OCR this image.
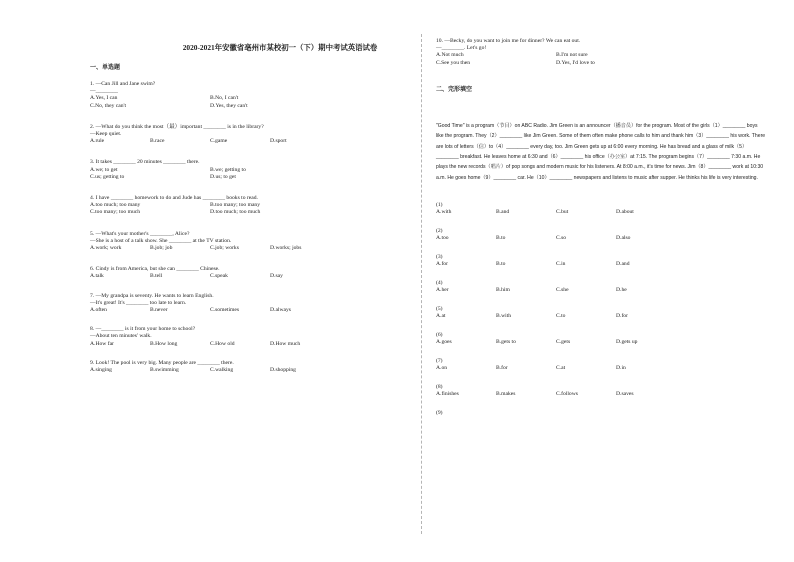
2020-2021年安徽省亳州市某校初一（下）期中考试英语试卷
一、单选题
1. —Can Jill and Jane swim?
—________
A.Yes, I can	B.No, I can't
C.No, they can't	D.Yes, they can't
2. —What do you think the most（最）important ________ is in the library?
—Keep quiet.
A.rule	B.race	C.game	D.sport
3. It takes ________ 20 minutes ________ there.
A.we; to get	B.we; getting to
C.us; getting to	D.us; to get
4. I have ________ homework to do and Jude has ________ books to read.
A.too much; too many	B.too many; too many
C.too many; too much	D.too much; too much
5. —What's your mother's ________, Alice?
—She is a host of a talk show. She ________ at the TV station.
A.work; work	B.job; job	C.job; works	D.works; jobs
6. Cindy is from America, but she can ________ Chinese.
A.talk	B.tell	C.speak	D.say
7. —My grandpa is seventy. He wants to learn English.
—It's great! It's ________ too late to learn.
A.often	B.never	C.sometimes	D.always
8. —________ is it from your home to school?
—About ten minutes' walk.
A.How far	B.How long	C.How old	D.How much
9. Look! The pool is very big. Many people are ________ there.
A.singing	B.swimming	C.walking	D.shopping
10. —Becky, do you want to join me for dinner? We can eat out.
—________. Let's go!
A.Not much	B.I'm not sure
C.See you then	D.Yes, I'd love to
二、完形填空
"Good Time" is a program（节目）on ABC Radio. Jim Green is an announcer（播音员）for the program. Most of the girls（1）________ boys like the program. They（2）________ like Jim Green. Some of them often make phone calls to him and thank him（3）________ his work. There are lots of letters（信）to（4）________ every day, too. Jim Green gets up at 6:00 every morning. He has bread and a glass of milk（5）________ breakfast. He leaves home at 6:30 and（6）________ his office（办公室）at 7:15. The program begins（7）________ 7:30 a.m. He plays the new records（唱片）of pop songs and modern music for his listeners. At 8:00 a.m., it's time for news. Jim（8）________ work at 10:30 a.m. He goes home（9）________ car. He（10）________ newspapers and listens to music after supper. He thinks his life is very interesting.
(1)
A.with	B.and	C.but	D.about
(2)
A.too	B.to	C.so	D.also
(3)
A.for	B.to	C.in	D.and
(4)
A.her	B.him	C.she	D.he
(5)
A.at	B.with	C.to	D.for
(6)
A.goes	B.gets to	C.gets	D.gets up
(7)
A.on	B.for	C.at	D.in
(8)
A.finishes	B.makes	C.follows	D.saves
(9)
